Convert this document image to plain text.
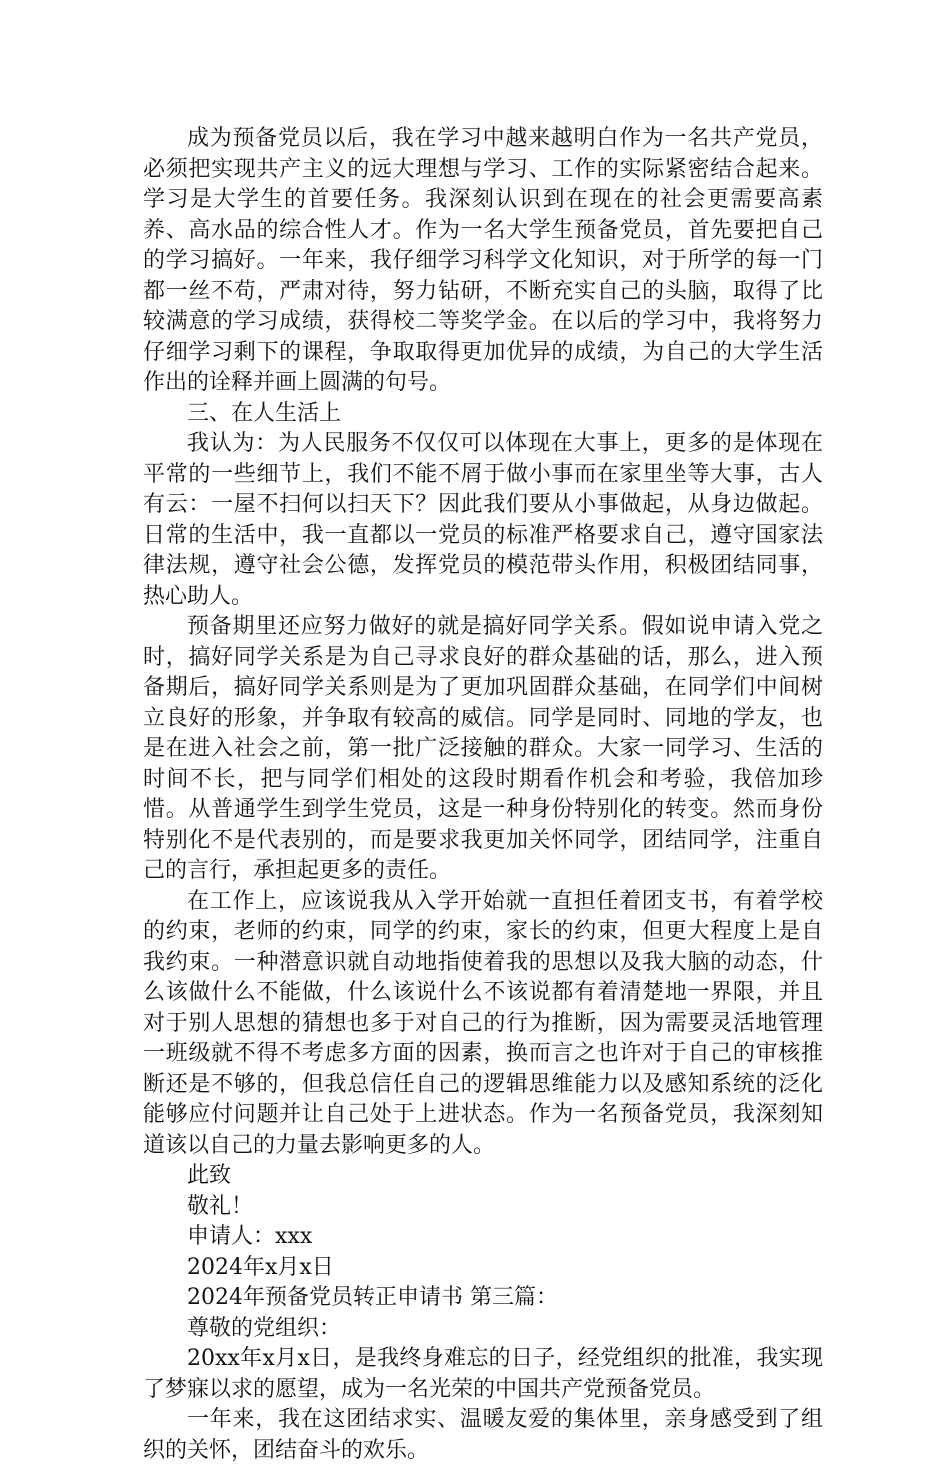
成为预备党员以后，我在学习中越来越明白作为一名共产党员，必须把实现共产主义的远大理想与学习、工作的实际紧密结合起来。学习是大学生的首要任务。我深刻认识到在现在的社会更需要高素养、高水品的综合性人才。作为一名大学生预备党员，首先要把自己的学习搞好。一年来，我仔细学习科学文化知识，对于所学的每一门都一丝不苟，严肃对待，努力钻研，不断充实自己的头脑，取得了比较满意的学习成绩，获得校二等奖学金。在以后的学习中，我将努力仔细学习剩下的课程，争取取得更加优异的成绩，为自己的大学生活作出的诠释并画上圆满的句号。

三、在人生活上

我认为：为人民服务不仅仅可以体现在大事上，更多的是体现在平常的一些细节上，我们不能不屑于做小事而在家里坐等大事，古人有云：一屋不扫何以扫天下？因此我们要从小事做起，从身边做起。日常的生活中，我一直都以一党员的标准严格要求自己，遵守国家法律法规，遵守社会公德，发挥党员的模范带头作用，积极团结同事，热心助人。

预备期里还应努力做好的就是搞好同学关系。假如说申请入党之时，搞好同学关系是为自己寻求良好的群众基础的话，那么，进入预备期后，搞好同学关系则是为了更加巩固群众基础，在同学们中间树立良好的形象，并争取有较高的威信。同学是同时、同地的学友，也是在进入社会之前，第一批广泛接触的群众。大家一同学习、生活的时间不长，把与同学们相处的这段时期看作机会和考验，我倍加珍惜。从普通学生到学生党员，这是一种身份特别化的转变。然而身份特别化不是代表别的，而是要求我更加关怀同学，团结同学，注重自己的言行，承担起更多的责任。

在工作上，应该说我从入学开始就一直担任着团支书，有着学校的约束，老师的约束，同学的约束，家长的约束，但更大程度上是自我约束。一种潜意识就自动地指使着我的思想以及我大脑的动态，什么该做什么不能做，什么该说什么不该说都有着清楚地一界限，并且对于别人思想的猜想也多于对自己的行为推断，因为需要灵活地管理一班级就不得不考虑多方面的因素，换而言之也许对于自己的审核推断还是不够的，但我总信任自己的逻辑思维能力以及感知系统的泛化能够应付问题并让自己处于上进状态。作为一名预备党员，我深刻知道该以自己的力量去影响更多的人。

此致

敬礼！

申请人：xxx

2024年x月x日

2024年预备党员转正申请书 第三篇：

尊敬的党组织：

20xx年x月x日，是我终身难忘的日子，经党组织的批准，我实现了梦寐以求的愿望，成为一名光荣的中国共产党预备党员。

一年来，我在这团结求实、温暖友爱的集体里，亲身感受到了组织的关怀，团结奋斗的欢乐。
